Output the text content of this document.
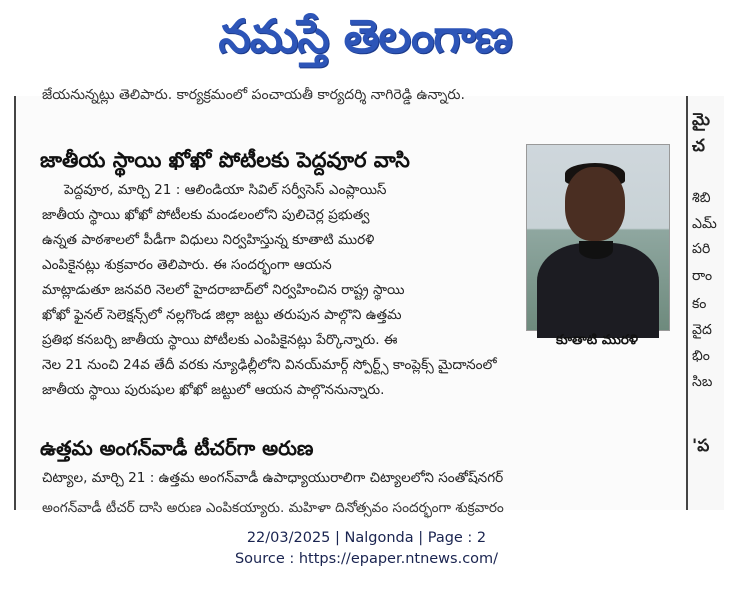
నమస్తే తెలంగాణ
జేయనున్నట్లు తెలిపారు. కార్యక్రమంలో పంచాయతీ కార్యదర్శి నాగిరెడ్డి ఉన్నారు.
జాతీయ స్థాయి ఖోఖో పోటీలకు పెద్దవూర వాసి
పెద్దవూర, మార్చి 21 : ఆలిండియా సివిల్ సర్వీసెస్ ఎంప్లాయిస్
జాతీయ స్థాయి ఖోఖో పోటీలకు మండలంలోని పులిచెర్ల ప్రభుత్వ
ఉన్నత పాఠశాలలో పీడీగా విధులు నిర్వహిస్తున్న కూతాటి మురళి
ఎంపికైనట్లు శుక్రవారం తెలిపారు. ఈ సందర్భంగా ఆయన
మాట్లాడుతూ జనవరి నెలలో హైదరాబాద్‌లో నిర్వహించిన రాష్ట్ర స్థాయి
ఖోఖో ఫైనల్ సెలెక్షన్స్‌లో నల్లగొండ జిల్లా జట్టు తరుపున పాల్గొని ఉత్తమ
ప్రతిభ కనబర్చి జాతీయ స్థాయి పోటీలకు ఎంపికైనట్లు పేర్కొన్నారు. ఈ
నెల 21 నుంచి 24వ తేదీ వరకు న్యూఢిల్లీలోని వినయ్‌మార్గ్ స్పోర్ట్స్ కాంప్లెక్స్ మైదానంలో
జాతీయ స్థాయి పురుషుల ఖోఖో జట్టులో ఆయన పాల్గొననున్నారు.
కూతాటి మురళి
ఉత్తమ అంగన్‌వాడీ టీచర్‌గా అరుణ
చిట్యాల, మార్చి 21 : ఉత్తమ అంగన్‌వాడీ ఉపాధ్యాయురాలిగా చిట్యాలలోని సంతోష్‌నగర్
అంగన్‌వాడీ టీచర్ దాసి అరుణ ఎంపికయ్యారు. మహిళా దినోత్సవం సందర్భంగా శుక్రవారం
మై
చ
శిబి
ఎమ్
పరి
రాం
కం
వైద
భిం
సిబ
'ప
22/03/2025 | Nalgonda | Page : 2
Source : https://epaper.ntnews.com/
